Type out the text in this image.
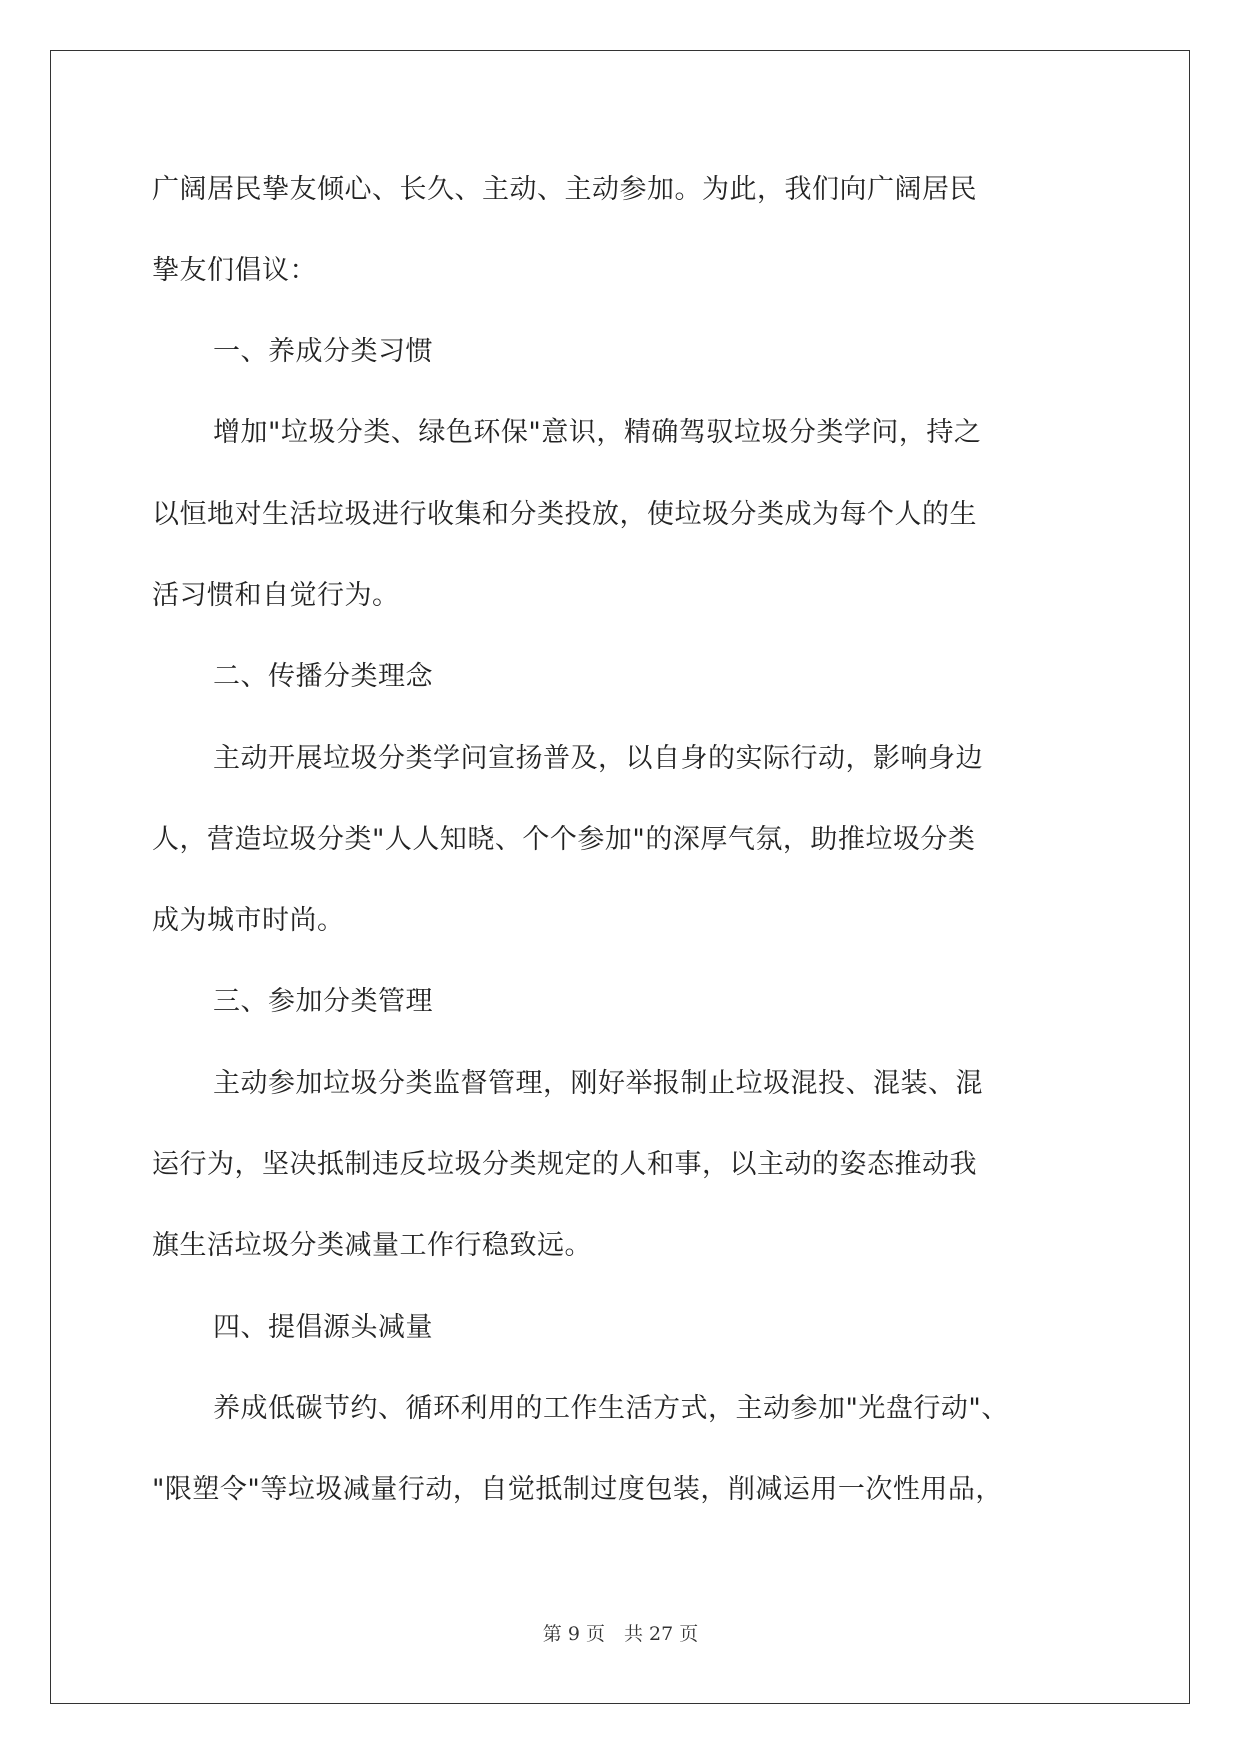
广阔居民挚友倾心、长久、主动、主动参加。为此，我们向广阔居民
挚友们倡议：
一、养成分类习惯
增加"垃圾分类、绿色环保"意识，精确驾驭垃圾分类学问，持之
以恒地对生活垃圾进行收集和分类投放，使垃圾分类成为每个人的生
活习惯和自觉行为。
二、传播分类理念
主动开展垃圾分类学问宣扬普及，以自身的实际行动，影响身边
人，营造垃圾分类"人人知晓、个个参加"的深厚气氛，助推垃圾分类
成为城市时尚。
三、参加分类管理
主动参加垃圾分类监督管理，刚好举报制止垃圾混投、混装、混
运行为，坚决抵制违反垃圾分类规定的人和事，以主动的姿态推动我
旗生活垃圾分类减量工作行稳致远。
四、提倡源头减量
养成低碳节约、循环利用的工作生活方式，主动参加"光盘行动"、
"限塑令"等垃圾减量行动，自觉抵制过度包装，削减运用一次性用品，
第 9 页　共 27 页
